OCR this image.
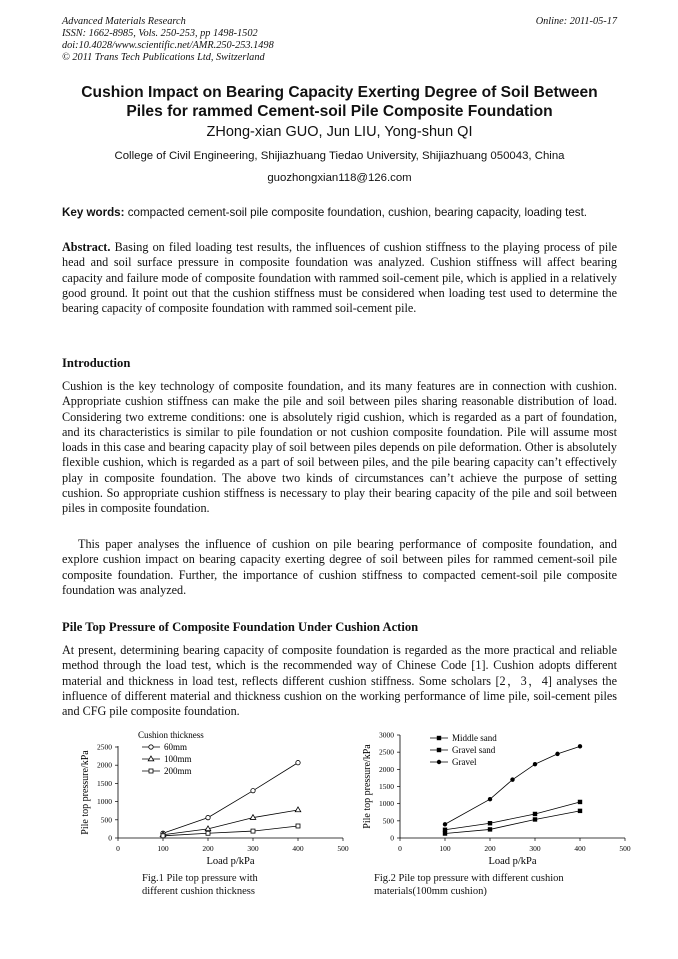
Advanced Materials Research
ISSN: 1662-8985, Vols. 250-253, pp 1498-1502
doi:10.4028/www.scientific.net/AMR.250-253.1498
© 2011 Trans Tech Publications Ltd, Switzerland
Online: 2011-05-17
Cushion Impact on Bearing Capacity Exerting Degree of Soil Between Piles for rammed Cement-soil Pile Composite Foundation
ZHong-xian GUO, Jun LIU, Yong-shun QI
College of Civil Engineering, Shijiazhuang Tiedao University, Shijiazhuang 050043, China
guozhongxian118@126.com
Key words: compacted cement-soil pile composite foundation, cushion, bearing capacity, loading test.
Abstract. Basing on filed loading test results, the influences of cushion stiffness to the playing process of pile head and soil surface pressure in composite foundation was analyzed. Cushion stiffness will affect bearing capacity and failure mode of composite foundation with rammed soil-cement pile, which is applied in a relatively good ground. It point out that the cushion stiffness must be considered when loading test used to determine the bearing capacity of composite foundation with rammed soil-cement pile.
Introduction
Cushion is the key technology of composite foundation, and its many features are in connection with cushion. Appropriate cushion stiffness can make the pile and soil between piles sharing reasonable distribution of load. Considering two extreme conditions: one is absolutely rigid cushion, which is regarded as a part of foundation, and its characteristics is similar to pile foundation or not cushion composite foundation. Pile will assume most loads in this case and bearing capacity play of soil between piles depends on pile deformation. Other is absolutely flexible cushion, which is regarded as a part of soil between piles, and the pile bearing capacity can’t effectively play in composite foundation. The above two kinds of circumstances can’t achieve the purpose of setting cushion. So appropriate cushion stiffness is necessary to play their bearing capacity of the pile and soil between piles in composite foundation.
This paper analyses the influence of cushion on pile bearing performance of composite foundation, and explore cushion impact on bearing capacity exerting degree of soil between piles for rammed cement-soil pile composite foundation. Further, the importance of cushion stiffness to compacted cement-soil pile composite foundation was analyzed.
Pile Top Pressure of Composite Foundation Under Cushion Action
At present, determining bearing capacity of composite foundation is regarded as the more practical and reliable method through the load test, which is the recommended way of Chinese Code [1]. Cushion adopts different material and thickness in load test, reflects different cushion stiffness. Some scholars [2，3，4] analyses the influence of different material and thickness cushion on the working performance of lime pile, soil-cement piles and CFG pile composite foundation.
0	100	200	300	400	500
0
500
1000
1500
2000
2500
Cushion thickness
60mm
100mm
200mm
Pile top pressure/kPa
Load p/kPa
0	100	200	300	400	500
0
500
1000
1500
2000
2500
3000	Middle sand
Gravel sand
Gravel
Pile top pressure/kPa
Load p/kPa
Fig.1 Pile top pressure with different cushion thickness
Fig.2 Pile top pressure with different cushion materials(100mm cushion)
